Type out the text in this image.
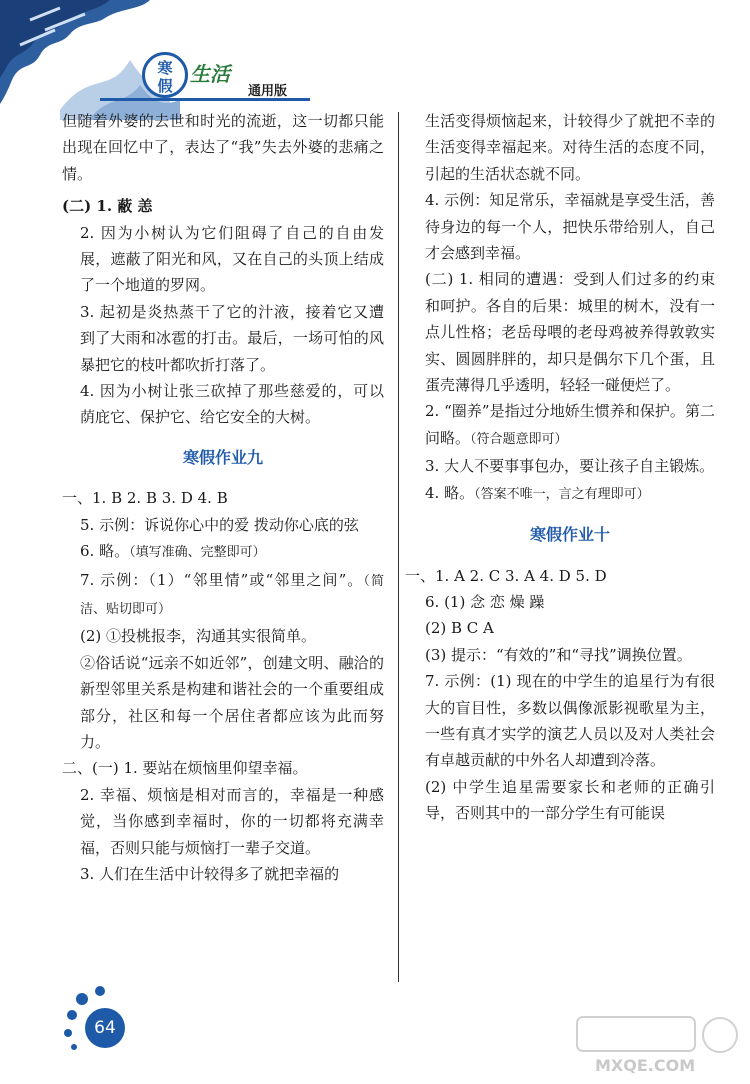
寒
假 生活
通用版

但随着外婆的去世和时光的流逝，这一切都只能出现在回忆中了，表达了“我”失去外婆的悲痛之情。

(二) 1. 蔽 恙

2. 因为小树认为它们阻碍了自己的自由发展，遮蔽了阳光和风，又在自己的头顶上结成了一个地道的罗网。

3. 起初是炎热蒸干了它的汁液，接着它又遭到了大雨和冰雹的打击。最后，一场可怕的风暴把它的枝叶都吹折打落了。

4. 因为小树让张三砍掉了那些慈爱的，可以荫庇它、保护它、给它安全的大树。

寒假作业九

一、1. B 2. B 3. D 4. B

5. 示例：诉说你心中的爱 拨动你心底的弦

6. 略。（填写准确、完整即可）

7. 示例：（1）“邻里情”或“邻里之间”。（简洁、贴切即可）

(2) ①投桃报李，沟通其实很简单。

②俗话说“远亲不如近邻”，创建文明、融洽的新型邻里关系是构建和谐社会的一个重要组成部分，社区和每一个居住者都应该为此而努力。

二、(一) 1. 要站在烦恼里仰望幸福。

2. 幸福、烦恼是相对而言的，幸福是一种感觉，当你感到幸福时，你的一切都将充满幸福，否则只能与烦恼打一辈子交道。

3. 人们在生活中计较得多了就把幸福的

生活变得烦恼起来，计较得少了就把不幸的生活变得幸福起来。对待生活的态度不同，引起的生活状态就不同。

4. 示例：知足常乐，幸福就是享受生活，善待身边的每一个人，把快乐带给别人，自己才会感到幸福。

(二) 1. 相同的遭遇：受到人们过多的约束和呵护。各自的后果：城里的树木，没有一点儿性格；老岳母喂的老母鸡被养得敦敦实实、圆圆胖胖的，却只是偶尔下几个蛋，且蛋壳薄得几乎透明，轻轻一碰便烂了。

2. “圈养”是指过分地娇生惯养和保护。第二问略。（符合题意即可）

3. 大人不要事事包办，要让孩子自主锻炼。

4. 略。（答案不唯一，言之有理即可）

寒假作业十

一、1. A 2. C 3. A 4. D 5. D

6. (1) 念 恋 燥 躁

(2) B C A

(3) 提示：“有效的”和“寻找”调换位置。

7. 示例：(1) 现在的中学生的追星行为有很大的盲目性，多数以偶像派影视歌星为主，一些有真才实学的演艺人员以及对人类社会有卓越贡献的中外名人却遭到冷落。

(2) 中学生追星需要家长和老师的正确引导，否则其中的一部分学生有可能误

64
MXQE.COM
